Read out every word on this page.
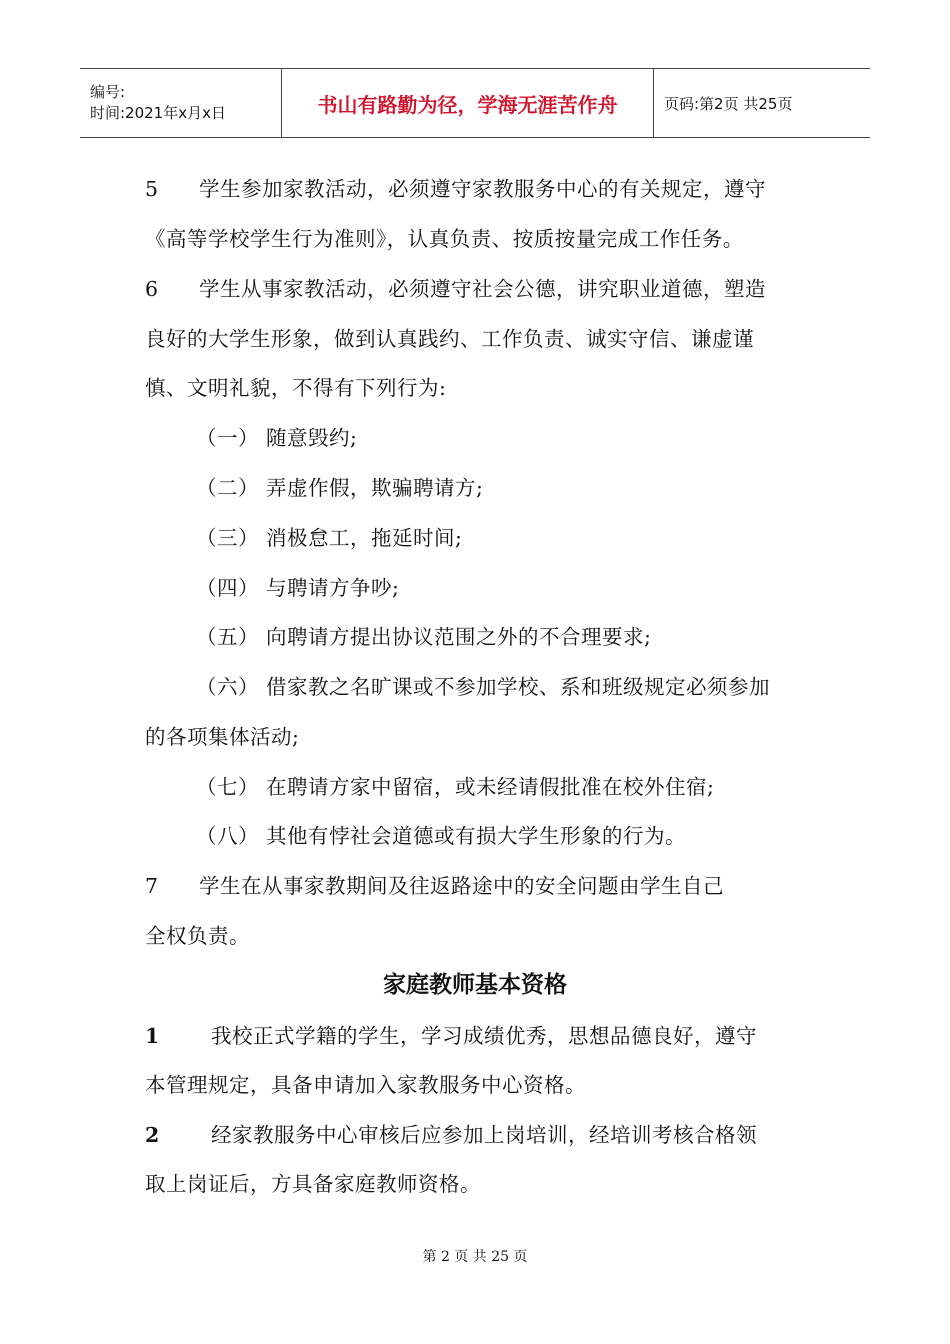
编号:
时间:2021年x月x日	书山有路勤为径，学海无涯苦作舟	页码:第2页 共25页
5 学生参加家教活动，必须遵守家教服务中心的有关规定，遵守
《高等学校学生行为准则》，认真负责、按质按量完成工作任务。
6 学生从事家教活动，必须遵守社会公德，讲究职业道德，塑造
良好的大学生形象，做到认真践约、工作负责、诚实守信、谦虚谨
慎、文明礼貌，不得有下列行为:
（一） 随意毁约;
（二） 弄虚作假，欺骗聘请方;
（三） 消极怠工，拖延时间;
（四） 与聘请方争吵;
（五） 向聘请方提出协议范围之外的不合理要求;
（六） 借家教之名旷课或不参加学校、系和班级规定必须参加
的各项集体活动;
（七） 在聘请方家中留宿，或未经请假批准在校外住宿;
（八） 其他有悖社会道德或有损大学生形象的行为。
7 学生在从事家教期间及往返路途中的安全问题由学生自己
全权负责。
家庭教师基本资格
1 我校正式学籍的学生，学习成绩优秀，思想品德良好，遵守
本管理规定，具备申请加入家教服务中心资格。
2 经家教服务中心审核后应参加上岗培训，经培训考核合格领
取上岗证后，方具备家庭教师资格。
第 2 页 共 25 页
